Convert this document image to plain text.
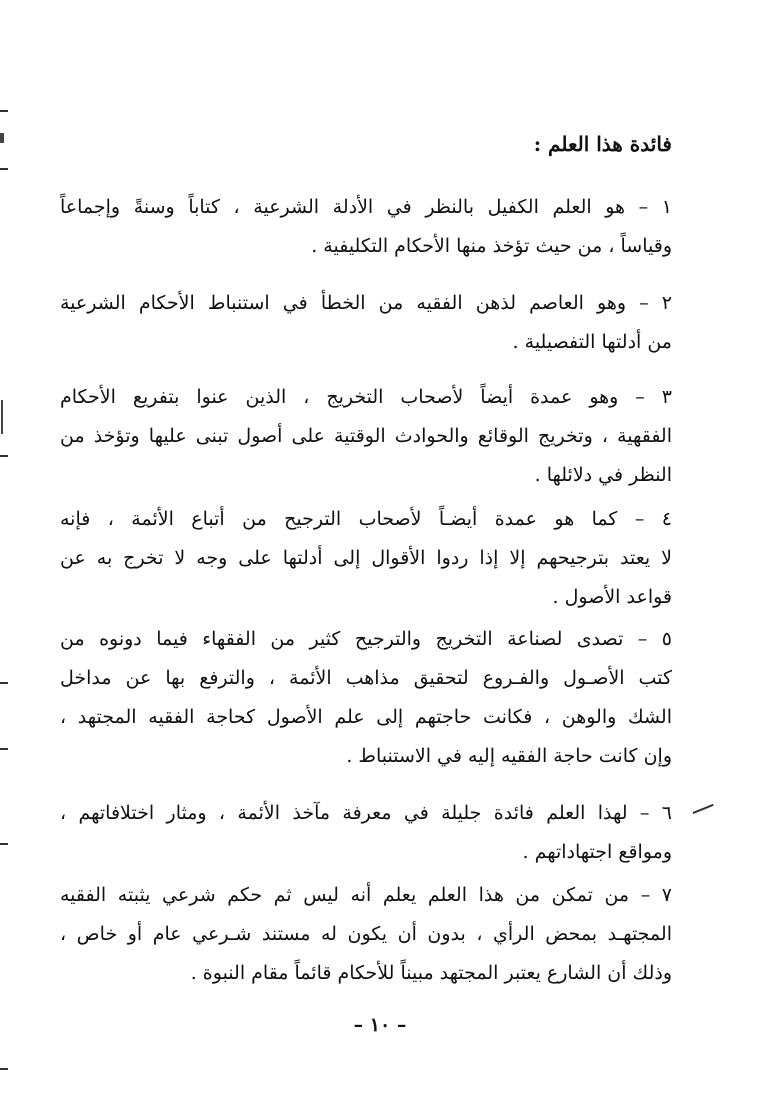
فائدة هذا العلم :
١ – هو العلم الكفيل بالنظر في الأدلة الشرعية ، كتاباً وسنةً وإجماعاً
وقياساً ، من حيث تؤخذ منها الأحكام التكليفية .
٢ – وهو العاصم لذهن الفقيه من الخطأ في استنباط الأحكام الشرعية
من أدلتها التفصيلية .
٣ – وهو عمدة أيضاً لأصحاب التخريج ، الذين عنوا بتفريع الأحكام
الفقهية ، وتخريج الوقائع والحوادث الوقتية على أصول تبنى عليها وتؤخذ من
النظر في دلائلها .
٤ – كما هو عمدة أيضـاً لأصحاب الترجيح من أتباع الأئمة ، فإنه
لا يعتد بترجيحهم إلا إذا ردوا الأقوال إلى أدلتها على وجه لا تخرج به عن
قواعد الأصول .
٥ – تصدى لصناعة التخريج والترجيح كثير من الفقهاء فيما دونوه من
كتب الأصـول والفـروع لتحقيق مذاهب الأئمة ، والترفع بها عن مداخل
الشك والوهن ، فكانت حاجتهم إلى علم الأصول كحاجة الفقيه المجتهد ،
وإن كانت حاجة الفقيه إليه في الاستنباط .
٦ – لهذا العلم فائدة جليلة في معرفة مآخذ الأئمة ، ومثار اختلافاتهم ،
ومواقع اجتهاداتهم .
٧ – من تمكن من هذا العلم يعلم أنه ليس ثم حكم شرعي يثبته الفقيه
المجتهـد بمحض الرأي ، بدون أن يكون له مستند شـرعي عام أو خاص ،
وذلك أن الشارع يعتبر المجتهد مبيناً للأحكام قائماً مقام النبوة .
– ١٠ –
